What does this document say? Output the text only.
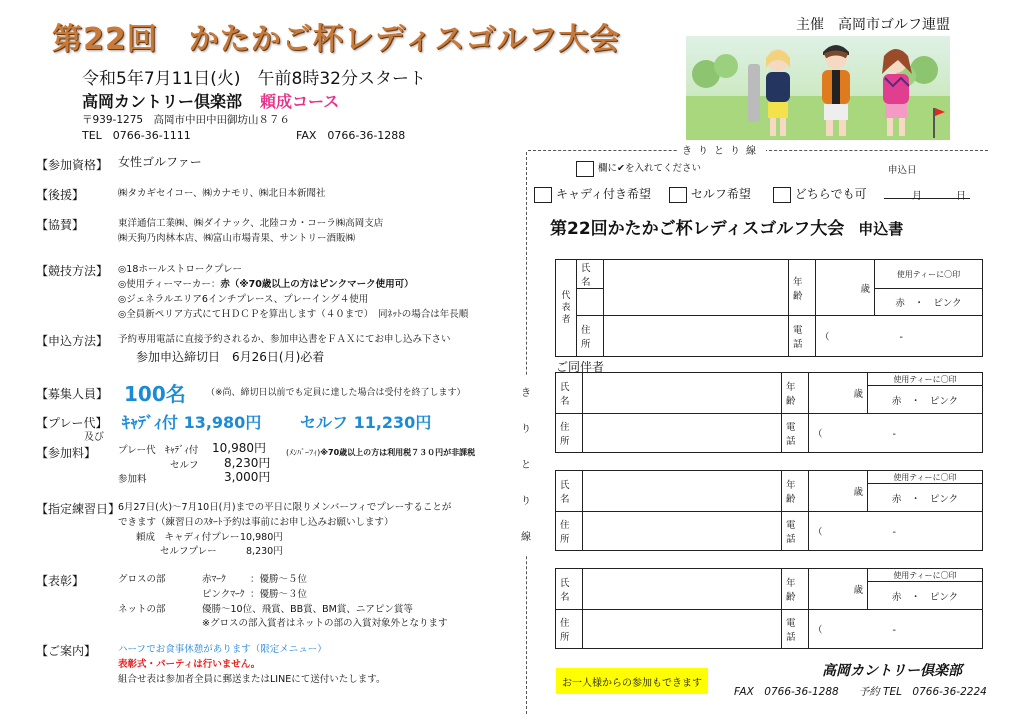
第22回　かたかご杯レディスゴルフ大会	主催　高岡市ゴルフ連盟
令和5年7月11日(火)　午前8時32分スタート
高岡カントリー倶楽部 頼成コース
〒939-1275　高岡市中田中田御坊山８７６
TEL　0766-36-1111	FAX　0766-36-1288
きりとり線
き
り
と
り
線
【参加資格】 女性ゴルファー
【後援】	㈱タカギセイコー、㈱カナモリ、㈱北日本新聞社
【協賛】	東洋通信工業㈱、㈱ダイナック、北陸コカ・コーラ㈱高岡支店
㈱天狗乃肉林本店、㈱富山市場青果、サントリー酒販㈱
【競技方法】 ◎18ホールストロークプレー
◎使用ティーマーカー：赤（※70歳以上の方はピンクマーク使用可）
◎ジェネラルエリア6インチプレース、プレーイング４使用
◎全員新ペリア方式にてＨＤＣＰを算出します（４０まで）　同ﾈｯﾄの場合は年長順
【申込方法】 予約専用電話に直接予約されるか、参加申込書をＦＡＸにてお申し込み下さい
参加申込締切日　6月26日(月)必着
【募集人員】 100名 （※尚、締切日以前でも定員に達した場合は受付を終了します）
【プレー代】
及び
ｷｬﾃﾞｨ付 13,980円 セルフ 11,230円
【参加料】 プレー代　ｷｬﾃﾞｨ付 10,980円	(ﾒﾝﾊﾞｰﾌｨ)※70歳以上の方は利用税７３０円が非課税
セルフ 8,230円
参加料	3,000円
【指定練習日】
6月27日(火)～7月10日(月)までの平日に限りメンバーフィでプレーすることが
できます（練習日のｽﾀｰﾄ予約は事前にお申し込みお願いします）
頼成　キャディ付プレー 10,980円
セルフプレー	8,230円
【表彰】	グロスの部	赤ﾏｰｸ	：優勝～５位
ピンクﾏｰｸ ：優勝～３位
ネットの部	優勝～10位、飛賞、BB賞、BM賞、ニアピン賞等
※グロスの部入賞者はネットの部の入賞対象外となります
【ご案内】 ハーフでお食事休憩があります（限定メニュー）
表彰式・パーティは行いません。
組合せ表は参加者全員に郵送またはLINEにて送付いたします。
欄に✔を入れてください	申込日
キャディ付き希望	セルフ希望	どちらでも可	月	日
第22回かたかご杯レディスゴルフ大会 申込書
代
表
者	氏名		年齢	歳	使用ティーに〇印
					赤　・　ピンク
	住所		電話	（ -	

ご同伴者
氏名		年齢	歳	使用ティーに〇印
				赤　・　ピンク
住所		電話	（ -	
氏名		年齢	歳	使用ティーに〇印
				赤　・　ピンク
住所		電話	（ -	
氏名		年齢	歳	使用ティーに〇印
				赤　・　ピンク
住所		電話	（ -	
お一人様からの参加もできます
高岡カントリー倶楽部
FAX　0766-36-1288 予約 TEL　0766-36-2224
